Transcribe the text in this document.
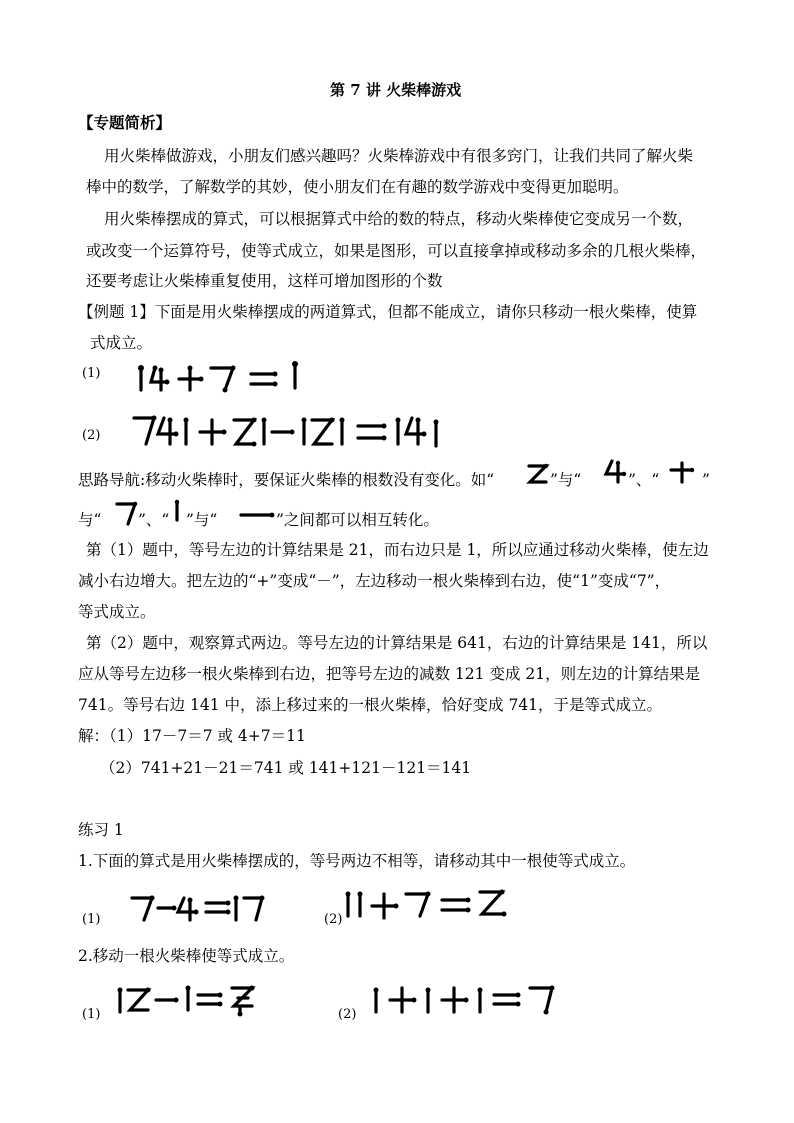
第 7 讲 火柴棒游戏
【专题简析】
用火柴棒做游戏，小朋友们感兴趣吗？火柴棒游戏中有很多窍门，让我们共同了解火柴
棒中的数学，了解数学的其妙，使小朋友们在有趣的数学游戏中变得更加聪明。
用火柴棒摆成的算式，可以根据算式中给的数的特点，移动火柴棒使它变成另一个数，
或改变一个运算符号，使等式成立，如果是图形，可以直接拿掉或移动多余的几根火柴棒，
还要考虑让火柴棒重复使用，这样可增加图形的个数
【例题 1】下面是用火柴棒摆成的两道算式，但都不能成立，请你只移动一根火柴棒，使算
式成立。
(1)
(2)
思路导航:移动火柴棒时，要保证火柴棒的根数没有变化。如“	”与“	”、“	”
与“ ”、“ ”与“	”之间都可以相互转化。
第（1）题中，等号左边的计算结果是 21，而右边只是 1，所以应通过移动火柴棒，使左边
减小右边增大。把左边的“+”变成“－”，左边移动一根火柴棒到右边，使“1”变成“7”，
等式成立。
第（2）题中，观察算式两边。等号左边的计算结果是 641，右边的计算结果是 141，所以
应从等号左边移一根火柴棒到右边，把等号左边的减数 121 变成 21，则左边的计算结果是
741。等号右边 141 中，添上移过来的一根火柴棒，恰好变成 741，于是等式成立。
解：（1）17－7＝7 或 4+7＝11
（2）741+21－21＝741 或 141+121－121＝141
练习 1
1.下面的算式是用火柴棒摆成的，等号两边不相等，请移动其中一根使等式成立。
(1)	(2)
2.移动一根火柴棒使等式成立。
(1)	(2)
